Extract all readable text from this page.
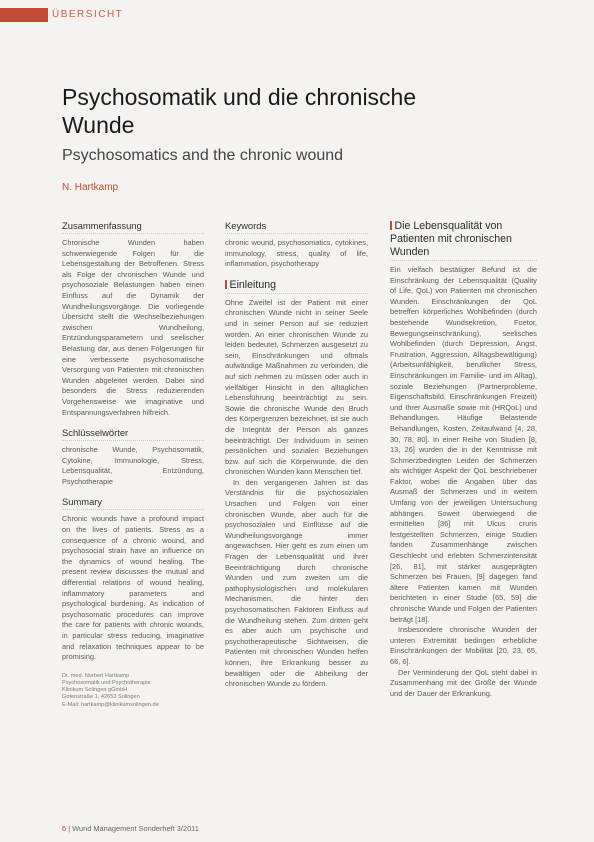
ÜBERSICHT
Psychosomatik und die chronische Wunde
Psychosomatics and the chronic wound
N. Hartkamp
Zusammenfassung

Chronische Wunden haben schwerwiegende Folgen für die Lebensgestaltung der Betroffenen. Stress als Folge der chronischen Wunde und psychosoziale Belastungen haben einen Einfluss auf die Dynamik der Wundheilungsvorgänge. Die vorliegende Übersicht stellt die Wechselbeziehungen zwischen Wundheilung, Entzündungsparametern und seelischer Belastung dar, aus denen Folgerungen für eine verbesserte psychosomatische Versorgung von Patienten mit chronischen Wunden abgeleitet werden. Dabei sind besonders die Stress reduzierenden Vorgehensweise wie imaginative und Entspannungsverfahren hilfreich.

Schlüsselwörter

chronische Wunde, Psychosomatik, Cytokine, Immunologie, Stress, Lebensqualität, Entzündung, Psychotherapie

Summary

Chronic wounds have a profound impact on the lives of patients. Stress as a consequence of a chronic wound, and psychosocial strain have an influence on the dynamics of wound healing. The present review discusses the mutual and differential relations of wound healing, inflammatory parameters and psychological burdening. As indication of psychosomatic procedures can improve the care for patients with chronic wounds, in particular stress reducing, imaginative and relaxation techniques appear to be promising.

Dr. med. Norbert Hartkamp
Psychosomatik und Psychotherapie
Klinikum Solingen gGmbH
Gotenstraße 1, 42653 Solingen
E-Mail: hartkamp@klinikumsolingen.de
Keywords

chronic wound, psychosomatics, cytokines, immunology, stress, quality of life, inflammation, psychotherapy

Einleitung

Ohne Zweifel ist der Patient mit einer chronischen Wunde nicht in seiner Seele und in seiner Person auf sie reduziert worden. An einer chronischen Wunde zu leiden bedeutet, Schmerzen ausgesetzt zu sein, Einschränkungen und oftmals aufwändige Maßnahmen zu verbinden, die auf sich nehmen zu müssen oder auch in vielfältiger Hinsicht in den alltäglichen Lebensführung beeinträchtigt zu sein. Sowie die chronische Wunde den Bruch des Körpergrenzen bezeichnet, ist sie auch die Integrität der Person als ganzes beeinträchtigt. Der Individuum in seinen persönlichen und sozialen Beziehungen bzw. auf sich die Körperwunde, die den chronischen Wunden kann Menschen tief.

In den vergangenen Jahren ist das Verständnis für die psychosozialen Ursachen und Folgen von einer chronischen Wunde, aber auch für die psychosozialen und Einflüsse auf die Wundheilungsvorgänge immer angewachsen. Hier geht es zum einen um Fragen der Lebensqualität und ihrer Beeinträchtigung durch chronische Wunden und zum zweiten um die pathophysiologischen und molekularen Mechanismen, die hinter den psychosomatischen Faktoren Einfluss auf die Wundheilung stehen. Zum dritten geht es aber auch um psychische und psychotherapeutische Sichtweisen, die Patienten mit chronischen Wunden helfen können, ihre Erkrankung besser zu bewältigen oder die Abheilung der chronischen Wunde zu fördern.

Die Lebensqualität von Patienten mit chronischen Wunden

Ein vielfach bestätigter Befund ist die Einschränkung der Lebensqualität (Quality of Life, QoL) von Patienten mit chronischen Wunden. Einschränkungen der QoL betreffen körperliches Wohlbefinden (durch bestehende Wundsekretion, Foetor, Bewegungseinschränkung), seelisches Wohlbefinden (durch Depression, Angst, Frustration, Aggression, Alltagsbewältigung) (Arbeitsunfähigkeit, beruflicher Stress, Einschränkungen im Familie- und im Alltag), soziale Beziehungen (Partnerprobleme, Eigenschaftsbild, Einschränkungen Freizeit) und Ihrer Ausmaße sowie mit (HRQoL) und Behandlungen. Häufige Belastende Behandlungen, Kosten, Zeitaufwand [4, 28, 30, 78, 80]. In einer Reihe von Studien [8, 13, 26] wurden die in der Kenntnisse mit Schmerzbedingten Leiden der Schmerzen als wichtiger Aspekt der QoL beschriebener Faktor, wobei die Angaben über das Ausmaß der Schmerzen und in weitem Umfang von der jeweiligen Untersuchung abhängen. Soweit überwiegend die ermittelten [36] mit Ulcus cruris festgestellten Schmerzen, einige Studien fanden Zusammenhänge zwischen Geschlecht und erlebten Schmerzintensität [26, 81], mit stärker ausgeprägten Schmerzen bei Frauen, [9] dagegen fand ältere Patienten kamen mit Wunden berichteten in einer Studie [65, 59] die chronische Wunde und Folgen der Patienten beträgt [18].

Insbesondere chronische Wunden der unteren Extremität bedingen erhebliche Einschränkungen der Mobilität [20, 23, 65, 66, 6].

Der Verminderung der QoL steht dabei in Zusammenhang mit der Größe der Wunde und der Dauer der Erkrankung.

6 | Wund Management Sonderheft 3/2011
